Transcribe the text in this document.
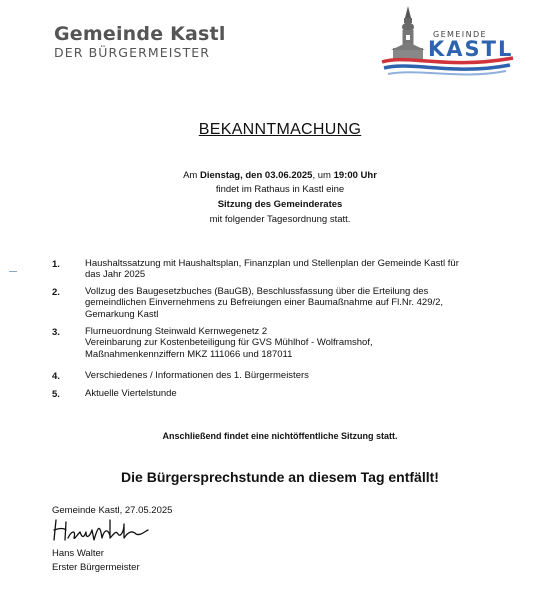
Gemeinde Kastl
DER BÜRGERMEISTER
GEMEINDE
KASTL
BEKANNTMACHUNG
Am Dienstag, den 03.06.2025, um 19:00 Uhr
findet im Rathaus in Kastl eine
Sitzung des Gemeinderates
mit folgender Tagesordnung statt.
1.	Haushaltssatzung mit Haushaltsplan, Finanzplan und Stellenplan der Gemeinde Kastl für
das Jahr 2025
2.	Vollzug des Baugesetzbuches (BauGB), Beschlussfassung über die Erteilung des
gemeindlichen Einvernehmens zu Befreiungen einer Baumaßnahme auf Fl.Nr. 429/2,
Gemarkung Kastl
3.	Flurneuordnung Steinwald Kernwegenetz 2
Vereinbarung zur Kostenbeteiligung für GVS Mühlhof - Wolframshof,
Maßnahmenkennziffern MKZ 111066 und 187011
4.	Verschiedenes / Informationen des 1. Bürgermeisters
5.	Aktuelle Viertelstunde
Anschließend findet eine nichtöffentliche Sitzung statt.
Die Bürgersprechstunde an diesem Tag entfällt!
Gemeinde Kastl, 27.05.2025
Hans Walter
Erster Bürgermeister
